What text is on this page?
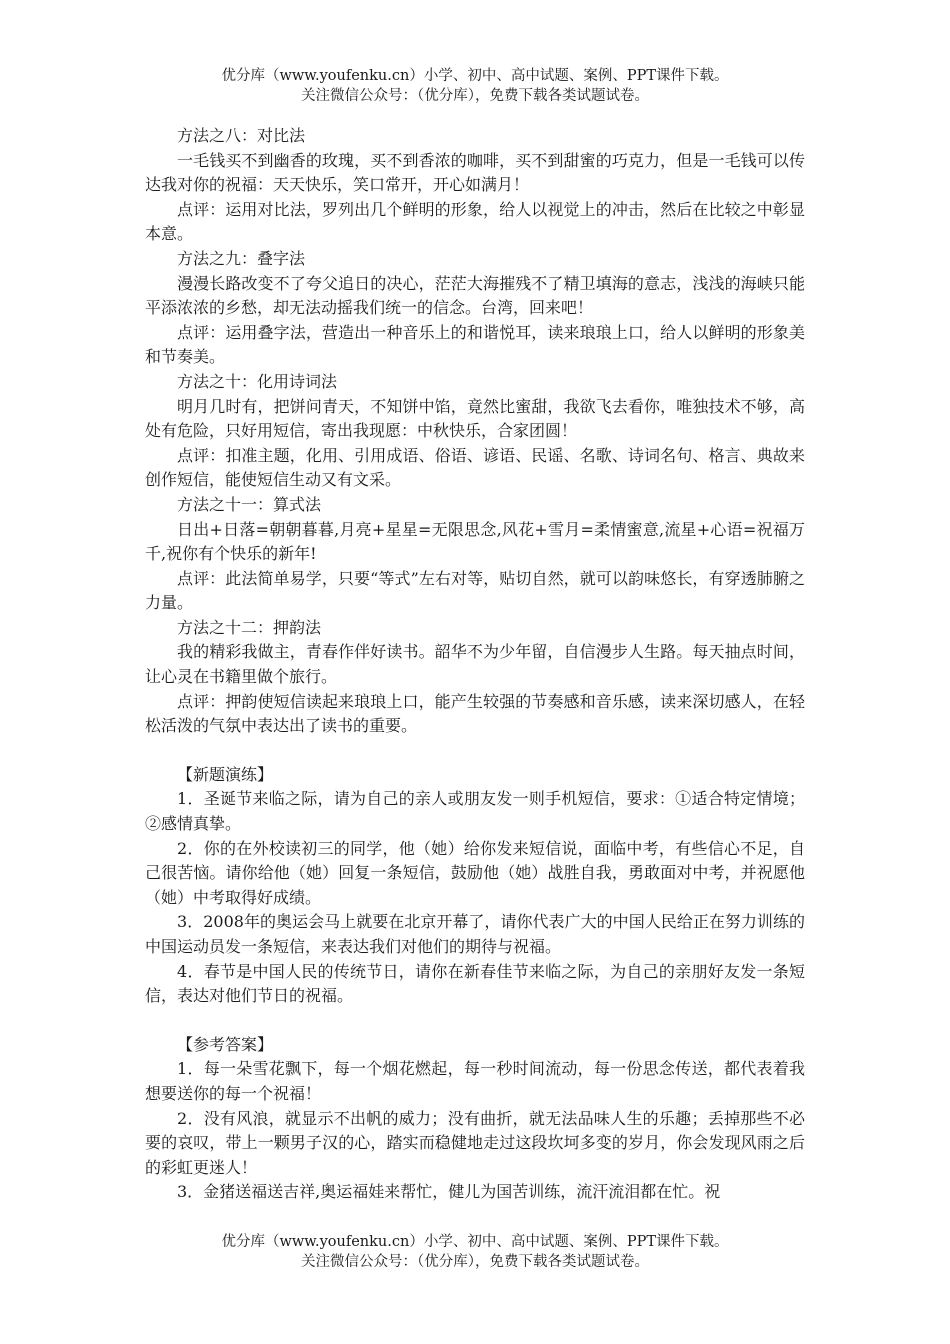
优分库（www.youfenku.cn）小学、初中、高中试题、案例、PPT课件下载。
关注微信公众号：（优分库），免费下载各类试题试卷。

方法之八：对比法

一毛钱买不到幽香的玫瑰，买不到香浓的咖啡，买不到甜蜜的巧克力，但是一毛钱可以传达我对你的祝福：天天快乐，笑口常开，开心如满月！

点评：运用对比法，罗列出几个鲜明的形象，给人以视觉上的冲击，然后在比较之中彰显本意。

方法之九：叠字法

漫漫长路改变不了夸父追日的决心，茫茫大海摧残不了精卫填海的意志，浅浅的海峡只能平添浓浓的乡愁，却无法动摇我们统一的信念。台湾，回来吧！

点评：运用叠字法，营造出一种音乐上的和谐悦耳，读来琅琅上口，给人以鲜明的形象美和节奏美。

方法之十：化用诗词法

明月几时有，把饼问青天，不知饼中馅，竟然比蜜甜，我欲飞去看你，唯独技术不够，高处有危险，只好用短信，寄出我现愿：中秋快乐，合家团圆！

点评：扣准主题，化用、引用成语、俗语、谚语、民谣、名歌、诗词名句、格言、典故来创作短信，能使短信生动又有文采。

方法之十一：算式法

日出+日落=朝朝暮暮,月亮+星星=无限思念,风花+雪月=柔情蜜意,流星+心语=祝福万千,祝你有个快乐的新年!

点评：此法简单易学，只要“等式”左右对等，贴切自然，就可以韵味悠长，有穿透肺腑之力量。

方法之十二：押韵法

我的精彩我做主，青春作伴好读书。韶华不为少年留，自信漫步人生路。每天抽点时间，让心灵在书籍里做个旅行。

点评：押韵使短信读起来琅琅上口，能产生较强的节奏感和音乐感，读来深切感人，在轻松活泼的气氛中表达出了读书的重要。

【新题演练】

1．圣诞节来临之际，请为自己的亲人或朋友发一则手机短信，要求：①适合特定情境；②感情真挚。

2．你的在外校读初三的同学，他（她）给你发来短信说，面临中考，有些信心不足，自己很苦恼。请你给他（她）回复一条短信，鼓励他（她）战胜自我，勇敢面对中考，并祝愿他（她）中考取得好成绩。

3．2008年的奥运会马上就要在北京开幕了，请你代表广大的中国人民给正在努力训练的中国运动员发一条短信，来表达我们对他们的期待与祝福。

4．春节是中国人民的传统节日，请你在新春佳节来临之际，为自己的亲朋好友发一条短信，表达对他们节日的祝福。

【参考答案】

1．每一朵雪花飘下，每一个烟花燃起，每一秒时间流动，每一份思念传送，都代表着我想要送你的每一个祝福！

2．没有风浪，就显示不出帆的威力；没有曲折，就无法品味人生的乐趣；丢掉那些不必要的哀叹，带上一颗男子汉的心，踏实而稳健地走过这段坎坷多变的岁月，你会发现风雨之后的彩虹更迷人！

3．金猪送福送吉祥,奥运福娃来帮忙，健儿为国苦训练，流汗流泪都在忙。祝

优分库（www.youfenku.cn）小学、初中、高中试题、案例、PPT课件下载。
关注微信公众号：（优分库），免费下载各类试题试卷。
